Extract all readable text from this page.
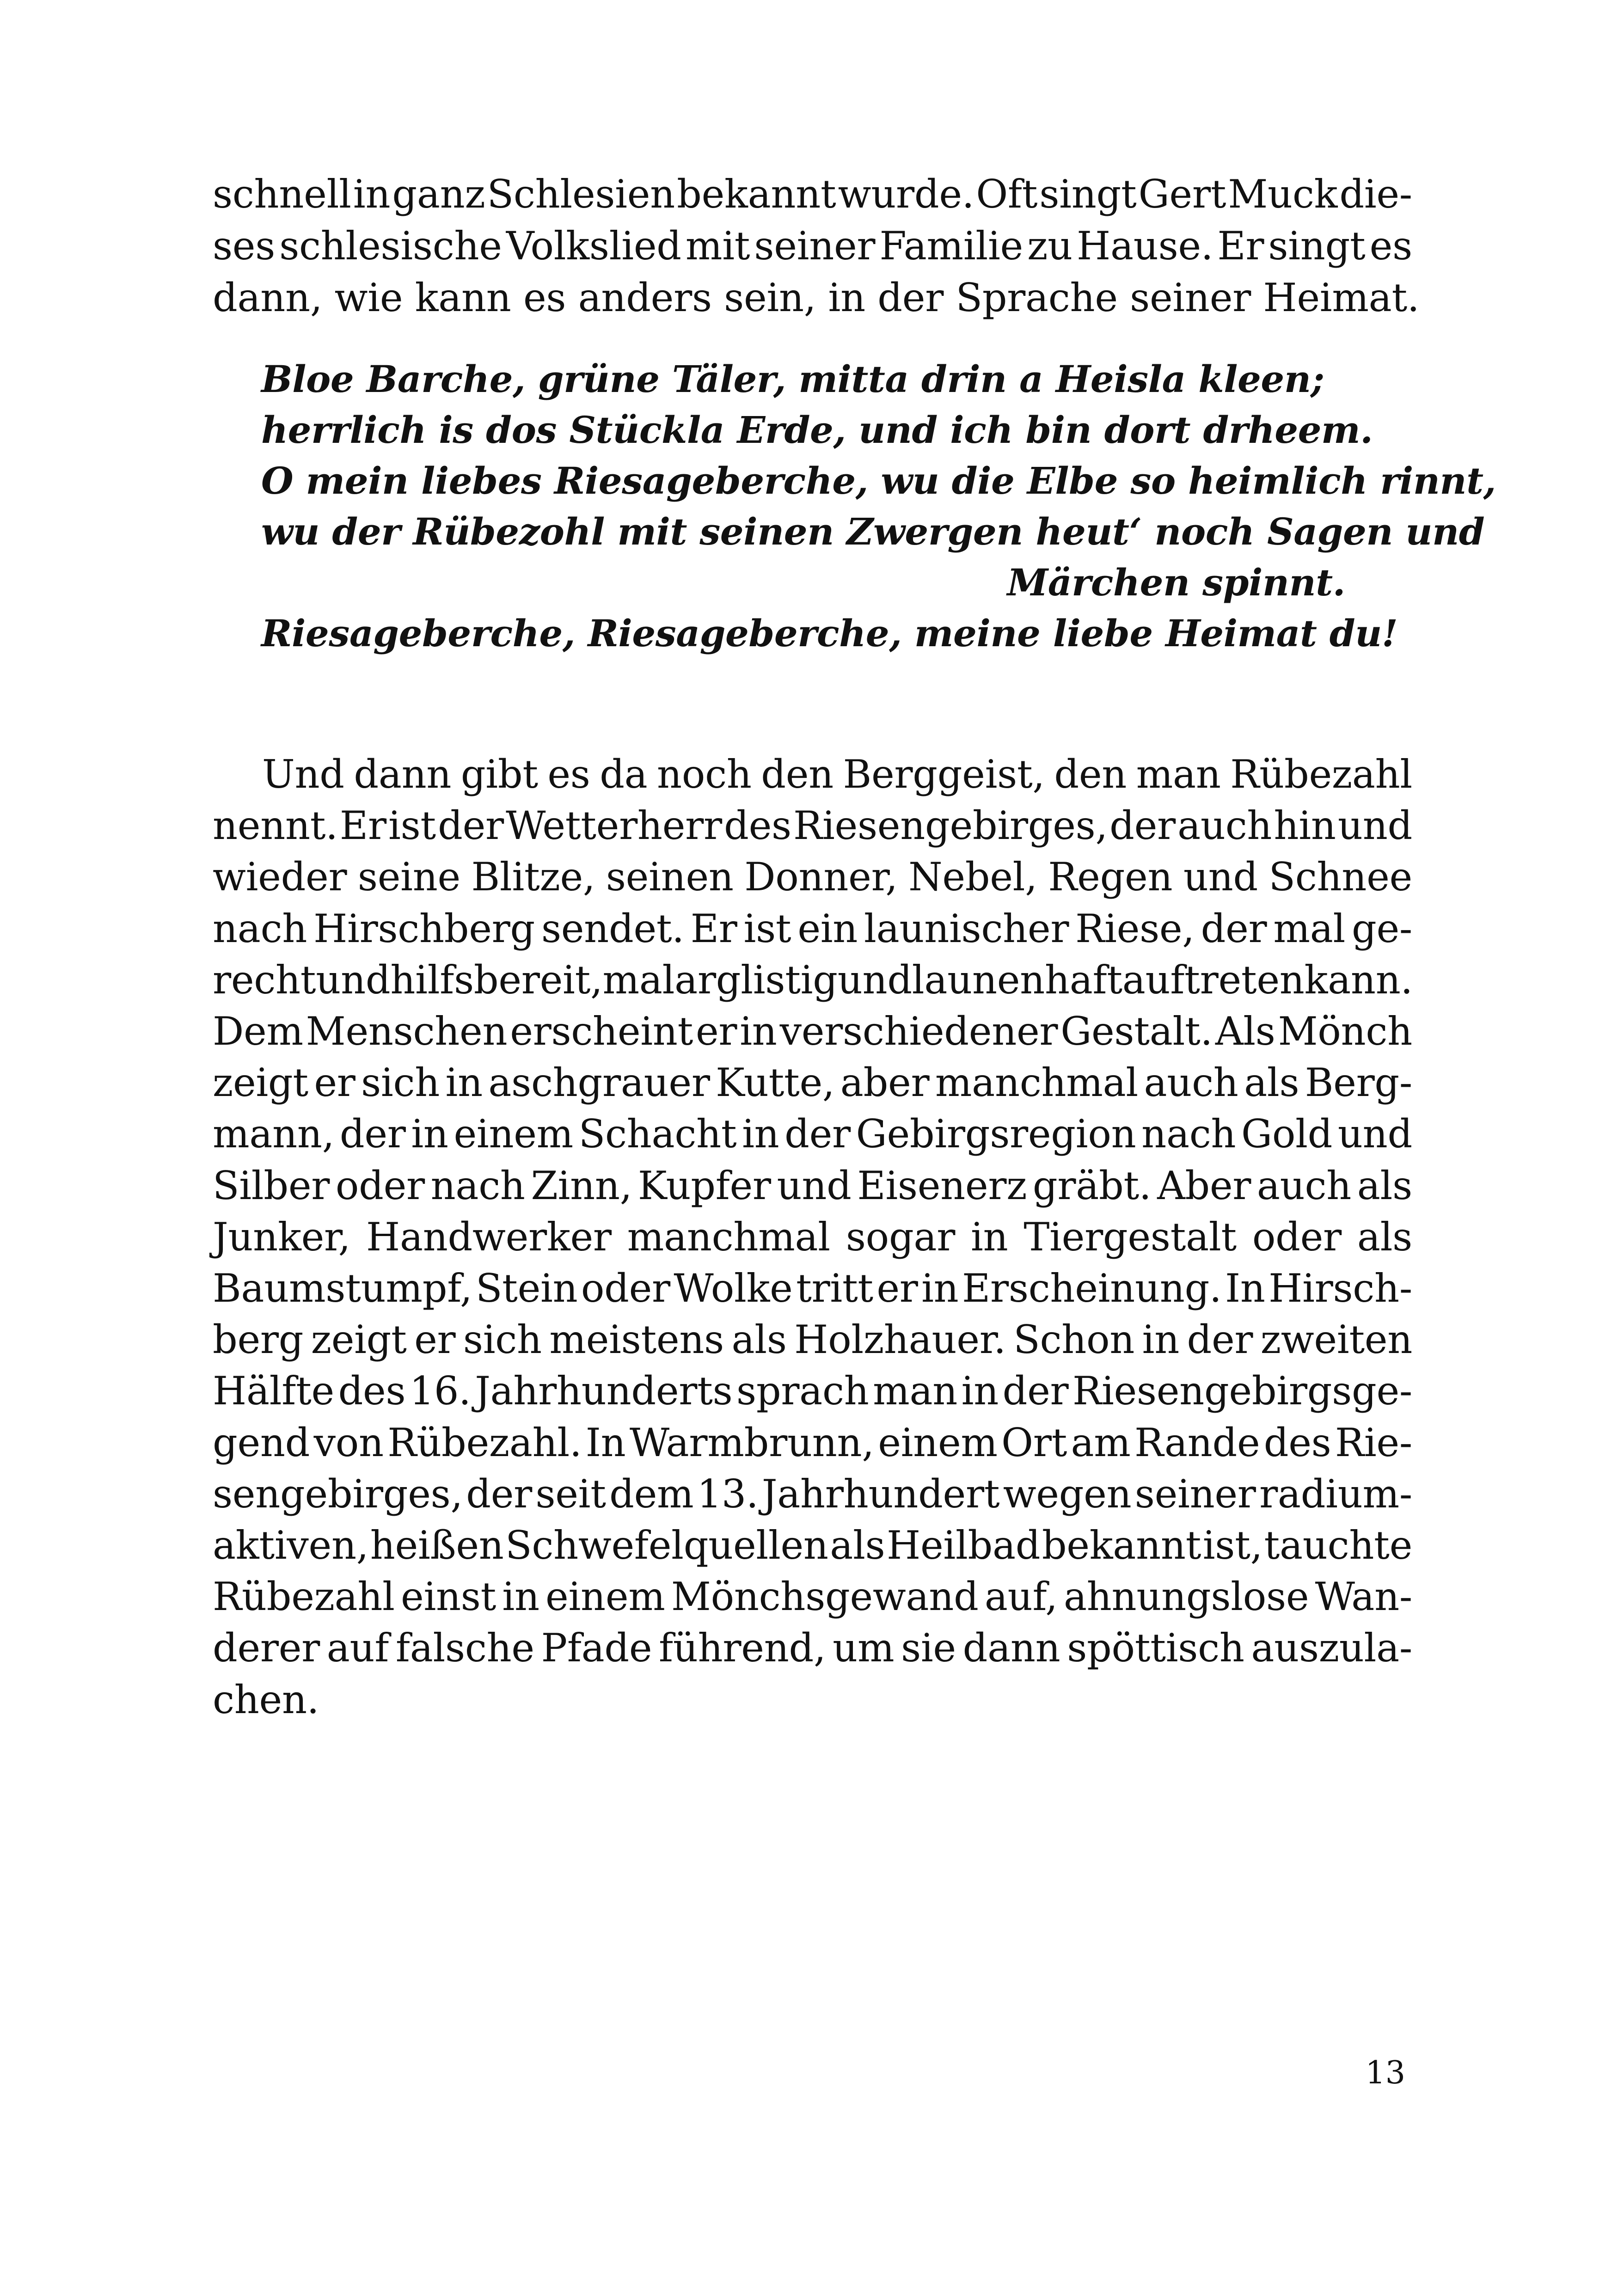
schnell in ganz Schlesien bekannt wurde. Oft singt Gert Muck die-
ses schlesische Volkslied mit seiner Familie zu Hause. Er singt es
dann, wie kann es anders sein, in der Sprache seiner Heimat.
Bloe Barche, grüne Täler, mitta drin a Heisla kleen;
herrlich is dos Stückla Erde, und ich bin dort drheem.
O mein liebes Riesageberche, wu die Elbe so heimlich rinnt,
wu der Rübezohl mit seinen Zwergen heut‘ noch Sagen und
Märchen spinnt.
Riesageberche, Riesageberche, meine liebe Heimat du!
Und dann gibt es da noch den Berggeist, den man Rübezahl
nennt. Er ist der Wetterherr des Riesengebirges, der auch hin und
wieder seine Blitze, seinen Donner, Nebel, Regen und Schnee
nach Hirschberg sendet. Er ist ein launischer Riese, der mal ge-
recht und hilfsbereit, mal arglistig und launenhaft auftreten kann.
Dem Menschen erscheint er in verschiedener Gestalt. Als Mönch
zeigt er sich in aschgrauer Kutte, aber manchmal auch als Berg-
mann, der in einem Schacht in der Gebirgsregion nach Gold und
Silber oder nach Zinn, Kupfer und Eisenerz gräbt. Aber auch als
Junker, Handwerker manchmal sogar in Tiergestalt oder als
Baumstumpf, Stein oder Wolke tritt er in Erscheinung. In Hirsch-
berg zeigt er sich meistens als Holzhauer. Schon in der zweiten
Hälfte des 16. Jahrhunderts sprach man in der Riesengebirgsge-
gend von Rübezahl. In Warmbrunn, einem Ort am Rande des Rie-
sengebirges, der seit dem 13. Jahrhundert wegen seiner radium-
aktiven, heißen Schwefelquellen als Heilbad bekannt ist, tauchte
Rübezahl einst in einem Mönchsgewand auf, ahnungslose Wan-
derer auf falsche Pfade führend, um sie dann spöttisch auszula-
chen.
13
